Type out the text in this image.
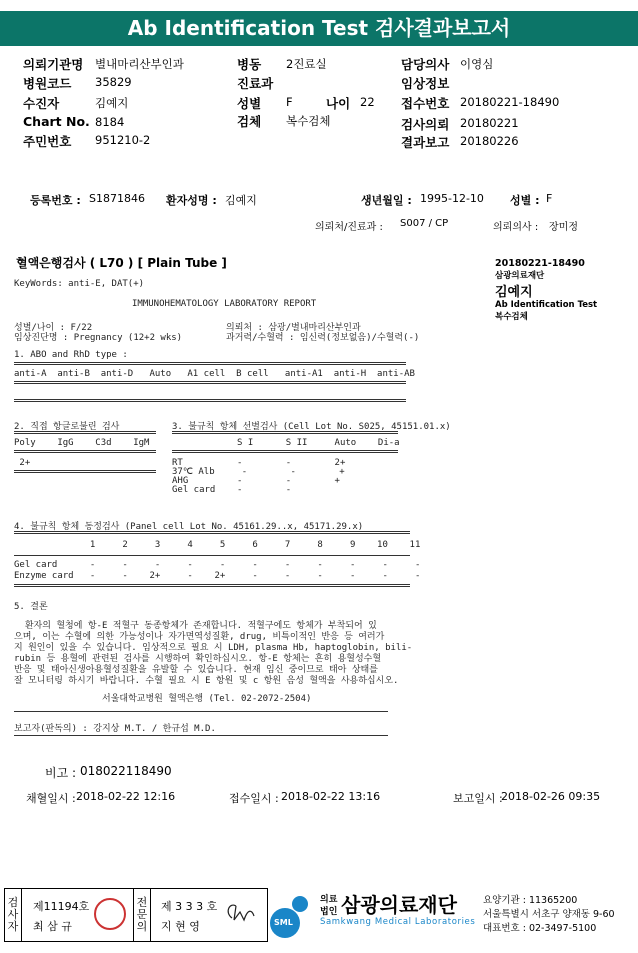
Ab Identification Test 검사결과보고서
의뢰기관명 별내마리산부인과	병동 2진료실	담당의사 이영심
병원코드 35829	진료과	임상정보
수진자	김예지	성별 F	나이 22 접수번호 20180221-18490
Chart No. 8184	검체 복수검체	검사의뢰 20180221
주민번호 951210-2	결과보고 20180226
등록번호 : S1871846 환자성명 : 김예지	생년월일 : 1995-12-10 성별 : F
의뢰처/진료과 : S007 / CP	의뢰의사 : 장미정
혈액은행검사 ( L70 ) [ Plain Tube ]	20180221-18490
삼광의료재단
김예지
Ab Identification Test
복수검체
KeyWords: anti-E, DAT(+)
IMMUNOHEMATOLOGY LABORATORY REPORT
성별/나이 : F/22
임상진단명 : Pregnancy (12+2 wks)
의뢰처 : 삼광/별내마리산부인과
과거력/수혈력 : 임신력(정보없음)/수혈력(-)
1. ABO and RhD type :
anti-A  anti-B  anti-D   Auto   A1 cell  B cell   anti-A1  anti-H  anti-AB
2. 직접 항글로불린 검사
Poly    IgG    C3d    IgM
2+
3. 불규칙 항체 선별검사 (Cell Lot No. S025, 45151.01.x)
S I      S II     Auto    Di-a
RT          -        -        2+
37℃ Alb     -        -        +
AHG         -        -        +
Gel card    -        -
4. 불규칙 항체 동정검사 (Panel cell Lot No. 45161.29..x, 45171.29.x)
1     2     3     4     5     6     7     8     9    10    11
Gel card      -     -     -     -     -     -     -     -     -     -     -
Enzyme card   -     -    2+     -    2+     -     -     -     -     -     -
5. 결론
환자의 혈청에 항-E 적혈구 동종항체가 존재합니다. 적혈구에도 항체가 부착되어 있
으며, 이는 수혈에 의한 가능성이나 자가면역성질환, drug, 비특이적인 반응 등 여러가
지 원인이 있을 수 있습니다. 임상적으로 필요 시 LDH, plasma Hb, haptoglobin, bili-
rubin 등 용혈에 관련된 검사를 시행하여 확인하십시오. 항-E 항체는 흔히 용혈성수혈
반응 및 태아신생아용혈성질환을 유발할 수 있습니다. 현재 임신 중이므로 태아 상태를
잘 모니터링 하시기 바랍니다. 수혈 필요 시 E 항원 및 c 항원 음성 혈액을 사용하십시오.
서울대학교병원 혈액은행 (Tel. 02-2072-2504)
보고자(판독의) : 강지상 M.T. / 한규섭 M.D.
비고 : 018022118490
채혈일시 : 2018-02-22 12:16	접수일시 : 2018-02-22 13:16	보고일시 :
2018-02-26 09:35
검사자
제11194호
최 삼 규
전문의
제 3 3 3 호
지 현 영	SML
의료
법인 삼광의료재단
Samkwang Medical Laboratories
요양기관 : 11365200
서울특별시 서초구 양재동 9-60
대표번호 : 02-3497-5100
